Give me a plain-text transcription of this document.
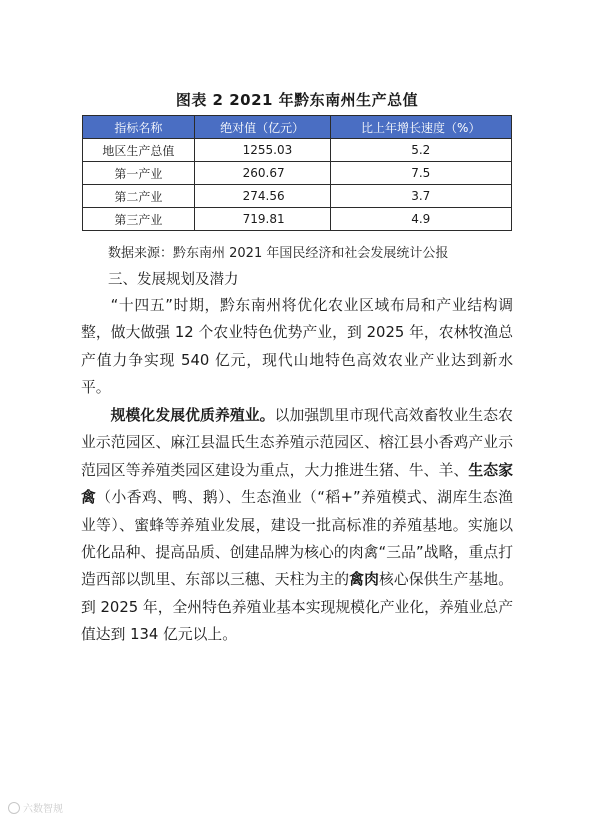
图表 2 2021 年黔东南州生产总值
指标名称	绝对值（亿元）	比上年增长速度（%）
地区生产总值	1255.03	5.2
第一产业	260.67	7.5
第二产业	274.56	3.7
第三产业	719.81	4.9
数据来源：黔东南州 2021 年国民经济和社会发展统计公报
三、发展规划及潜力

“十四五”时期，黔东南州将优化农业区域布局和产业结构调整，做大做强 12 个农业特色优势产业，到 2025 年，农林牧渔总产值力争实现 540 亿元，现代山地特色高效农业产业达到新水平。

规模化发展优质养殖业。以加强凯里市现代高效畜牧业生态农业示范园区、麻江县温氏生态养殖示范园区、榕江县小香鸡产业示范园区等养殖类园区建设为重点，大力推进生猪、牛、羊、生态家禽（小香鸡、鸭、鹅）、生态渔业（“稻+”养殖模式、湖库生态渔业等）、蜜蜂等养殖业发展，建设一批高标准的养殖基地。实施以优化品种、提高品质、创建品牌为核心的肉禽“三品”战略，重点打造西部以凯里、东部以三穗、天柱为主的禽肉核心保供生产基地。到 2025 年，全州特色养殖业基本实现规模化产业化，养殖业总产值达到 134 亿元以上。

六数智规
